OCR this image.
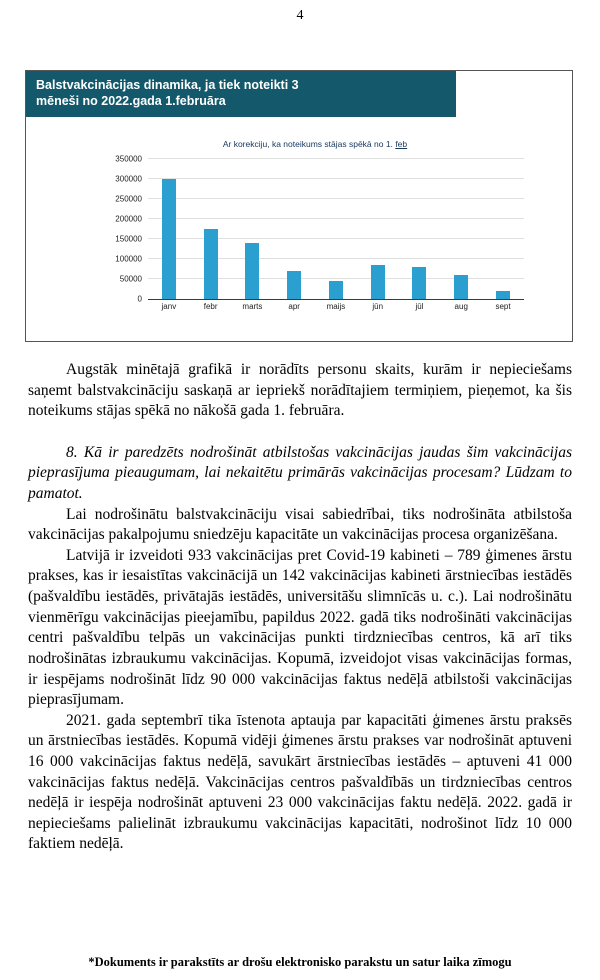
4
Balstvakcinācijas dinamika, ja tiek noteikti 3
mēneši no 2022.gada 1.februāra
Ar korekciju, ka noteikums stājas spēkā no 1. feb
0
50000
100000
150000
200000
250000
300000
350000
janv	febr	marts	apr	maijs	jūn	jūl	aug	sept

Augstāk minētajā grafikā ir norādīts personu skaits, kurām ir nepieciešams saņemt balstvakcināciju saskaņā ar iepriekš norādītajiem termiņiem, pieņemot, ka šis noteikums stājas spēkā no nākošā gada 1. februāra.

8. Kā ir paredzēts nodrošināt atbilstošas vakcinācijas jaudas šim vakcinācijas pieprasījuma pieaugumam, lai nekaitētu primārās vakcinācijas procesam? Lūdzam to pamatot.

Lai nodrošinātu balstvakcināciju visai sabiedrībai, tiks nodrošināta atbilstoša vakcinācijas pakalpojumu sniedzēju kapacitāte un vakcinācijas procesa organizēšana.

Latvijā ir izveidoti 933 vakcinācijas pret Covid-19 kabineti – 789 ģimenes ārstu prakses, kas ir iesaistītas vakcinācijā un 142 vakcinācijas kabineti ārstniecības iestādēs (pašvaldību iestādēs, privātajās iestādēs, universitāšu slimnīcās u. c.). Lai nodrošinātu vienmērīgu vakcinācijas pieejamību, papildus 2022. gadā tiks nodrošināti vakcinācijas centri pašvaldību telpās un vakcinācijas punkti tirdzniecības centros, kā arī tiks nodrošinātas izbraukumu vakcinācijas. Kopumā, izveidojot visas vakcinācijas formas, ir iespējams nodrošināt līdz 90 000 vakcinācijas faktus nedēļā atbilstoši vakcinācijas pieprasījumam.

2021. gada septembrī tika īstenota aptauja par kapacitāti ģimenes ārstu praksēs un ārstniecības iestādēs. Kopumā vidēji ģimenes ārstu prakses var nodrošināt aptuveni 16 000 vakcinācijas faktus nedēļā, savukārt ārstniecības iestādēs – aptuveni 41 000 vakcinācijas faktus nedēļā. Vakcinācijas centros pašvaldībās un tirdzniecības centros nedēļā ir iespēja nodrošināt aptuveni 23 000 vakcinācijas faktu nedēļā. 2022. gadā ir nepieciešams palielināt izbraukumu vakcinācijas kapacitāti, nodrošinot līdz 10 000 faktiem nedēļā.

*Dokuments ir parakstīts ar drošu elektronisko parakstu un satur laika zīmogu
